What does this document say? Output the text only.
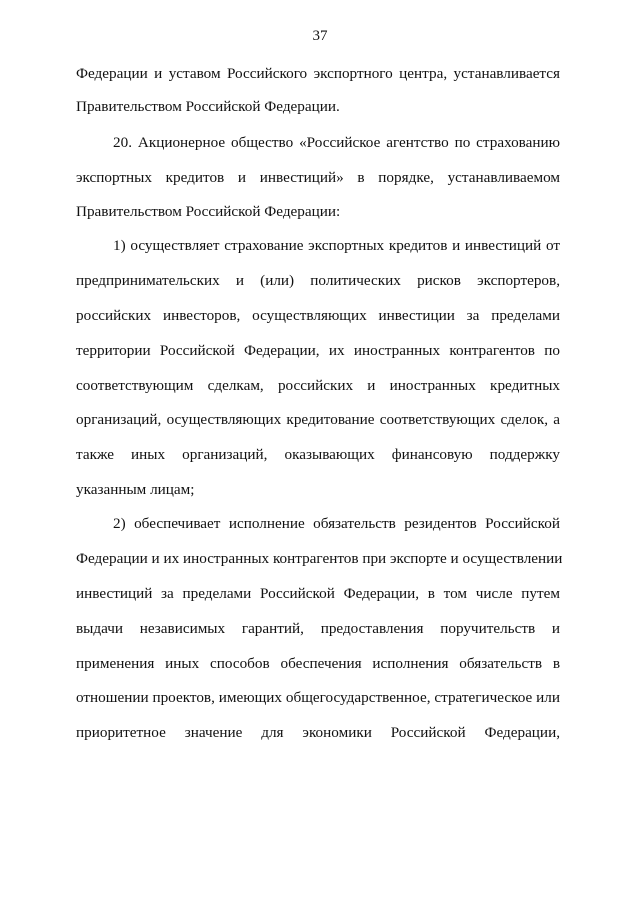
37
Федерации и уставом Российского экспортного центра, устанавливается
Правительством Российской Федерации.
20. Акционерное общество «Российское агентство по страхованию
экспортных кредитов и инвестиций» в порядке, устанавливаемом
Правительством Российской Федерации:
1) осуществляет страхование экспортных кредитов и инвестиций от
предпринимательских и (или) политических рисков экспортеров,
российских инвесторов, осуществляющих инвестиции за пределами
территории Российской Федерации, их иностранных контрагентов по
соответствующим сделкам, российских и иностранных кредитных
организаций, осуществляющих кредитование соответствующих сделок, а
также иных организаций, оказывающих финансовую поддержку
указанным лицам;
2) обеспечивает исполнение обязательств резидентов Российской
Федерации и их иностранных контрагентов при экспорте и осуществлении
инвестиций за пределами Российской Федерации, в том числе путем
выдачи независимых гарантий, предоставления поручительств и
применения иных способов обеспечения исполнения обязательств в
отношении проектов, имеющих общегосударственное, стратегическое или
приоритетное значение для экономики Российской Федерации,
